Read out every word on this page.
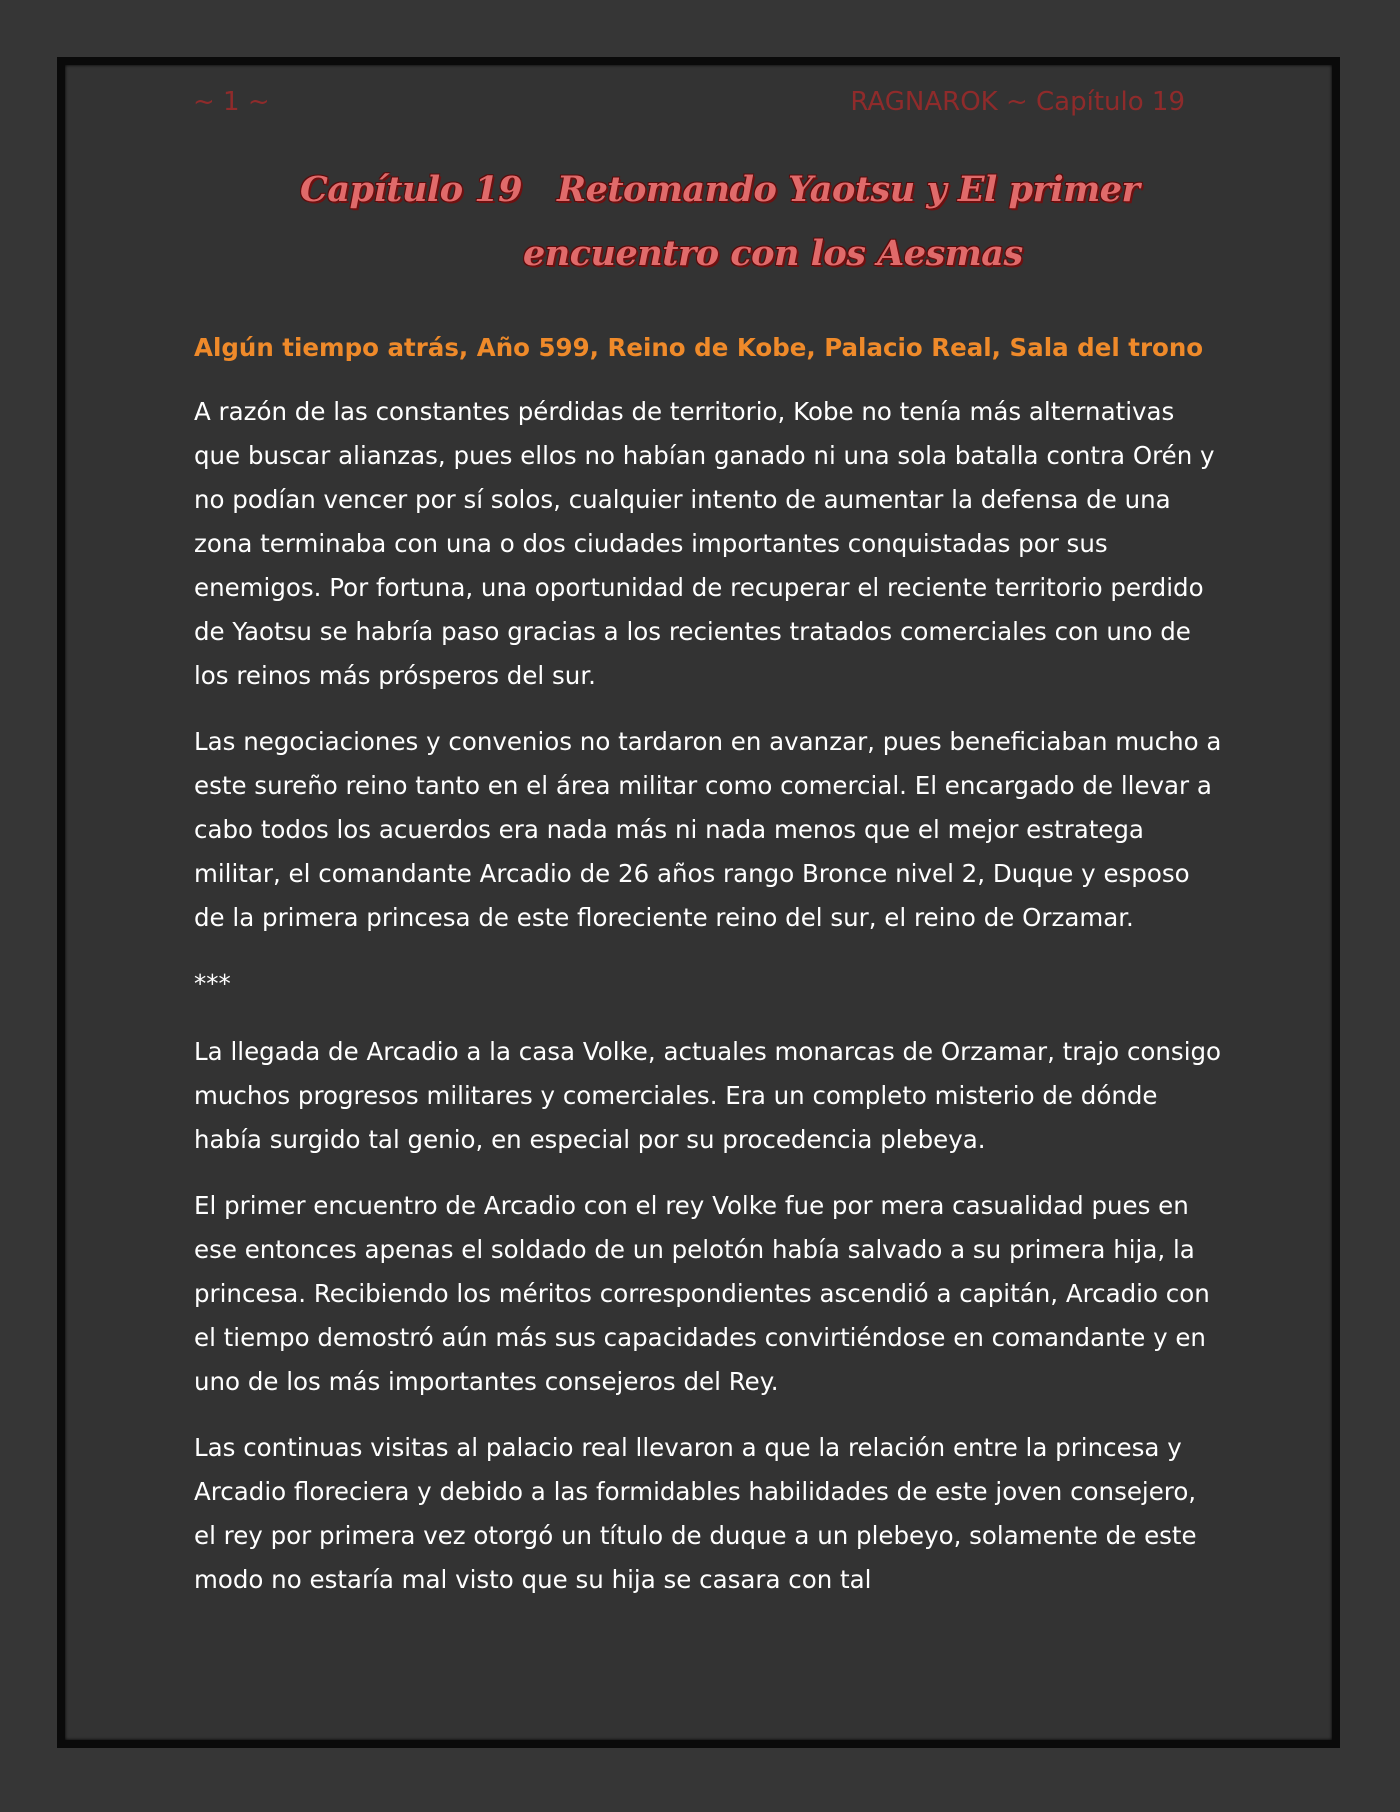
~ 1 ~	RAGNAROK ~ Capítulo 19
Capítulo 19   Retomando Yaotsu y El primer
encuentro con los Aesmas
Algún tiempo atrás, Año 599, Reino de Kobe, Palacio Real, Sala del trono

A razón de las constantes pérdidas de territorio, Kobe no tenía más alternativas que buscar alianzas, pues ellos no habían ganado ni una sola batalla contra Orén y no podían vencer por sí solos, cualquier intento de aumentar la defensa de una zona terminaba con una o dos ciudades importantes conquistadas por sus enemigos. Por fortuna, una oportunidad de recuperar el reciente territorio perdido de Yaotsu se habría paso gracias a los recientes tratados comerciales con uno de los reinos más prósperos del sur.

Las negociaciones y convenios no tardaron en avanzar, pues beneficiaban mucho a este sureño reino tanto en el área militar como comercial. El encargado de llevar a cabo todos los acuerdos era nada más ni nada menos que el mejor estratega militar, el comandante Arcadio de 26 años rango Bronce nivel 2, Duque y esposo de la primera princesa de este floreciente reino del sur, el reino de Orzamar.

***

La llegada de Arcadio a la casa Volke, actuales monarcas de Orzamar, trajo consigo muchos progresos militares y comerciales. Era un completo misterio de dónde había surgido tal genio, en especial por su procedencia plebeya.

El primer encuentro de Arcadio con el rey Volke fue por mera casualidad pues en ese entonces apenas el soldado de un pelotón había salvado a su primera hija, la princesa. Recibiendo los méritos correspondientes ascendió a capitán, Arcadio con el tiempo demostró aún más sus capacidades convirtiéndose en comandante y en uno de los más importantes consejeros del Rey.

Las continuas visitas al palacio real llevaron a que la relación entre la princesa y Arcadio floreciera y debido a las formidables habilidades de este joven consejero, el rey por primera vez otorgó un título de duque a un plebeyo, solamente de este modo no estaría mal visto que su hija se casara con tal
